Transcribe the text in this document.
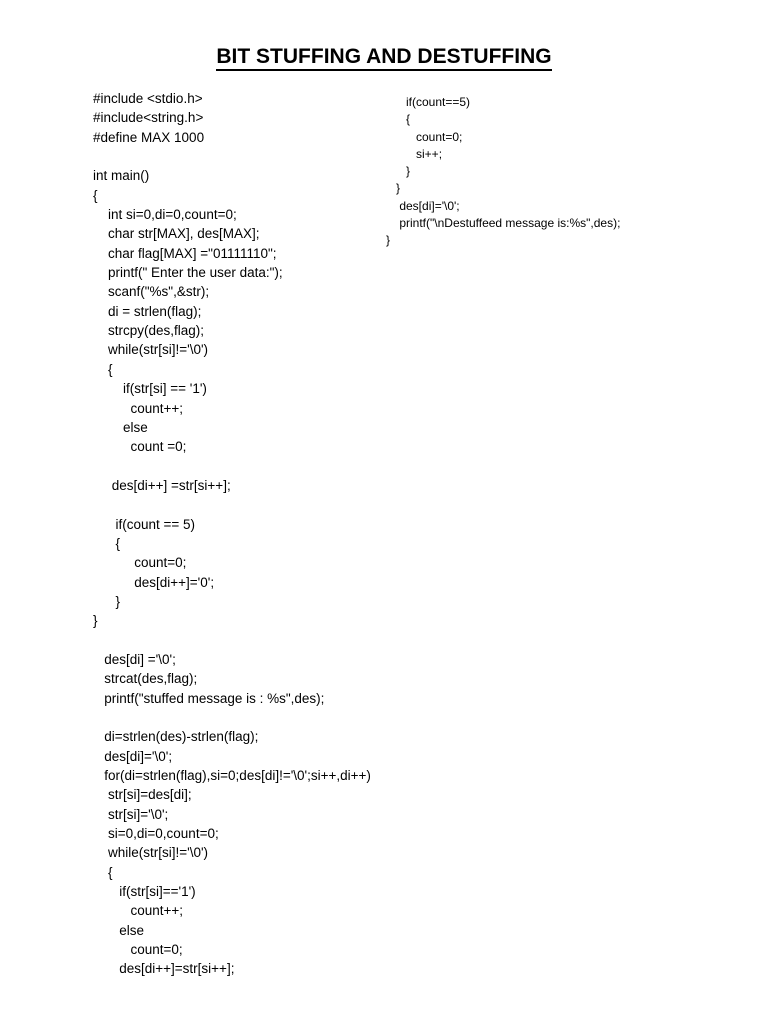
BIT STUFFING AND DESTUFFING
#include <stdio.h>
#include<string.h>
#define MAX 1000
int main()
{
int si=0,di=0,count=0;
char str[MAX], des[MAX];
char flag[MAX] ="01111110";
printf(" Enter the user data:");
scanf("%s",&str);
di = strlen(flag);
strcpy(des,flag);
while(str[si]!='\0')
{
if(str[si] == '1')
count++;
else
count =0;
des[di++] =str[si++];
if(count == 5)
{
count=0;
des[di++]='0';
}
}
des[di] ='\0';
strcat(des,flag);
printf("stuffed message is : %s",des);
di=strlen(des)-strlen(flag);
des[di]='\0';
for(di=strlen(flag),si=0;des[di]!='\0';si++,di++)
str[si]=des[di];
str[si]='\0';
si=0,di=0,count=0;
while(str[si]!='\0')
{
if(str[si]=='1')
count++;
else
count=0;
des[di++]=str[si++];
if(count==5)
{
count=0;
si++;
}
}
des[di]='\0';
printf("\nDestuffeed message is:%s",des);
}
